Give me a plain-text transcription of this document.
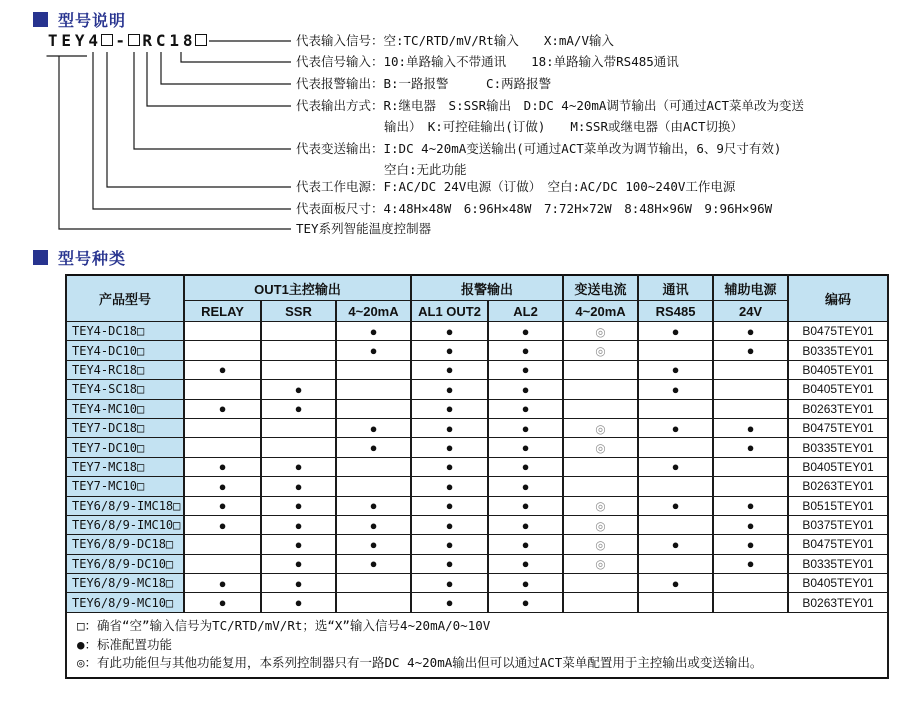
型号说明
T E Y 4 - R C 1 8	代表输入信号：空:TC/RTD/mV/Rt输入　　X:mA/V输入
代表信号输入：10:单路输入不带通讯　　18:单路输入带RS485通讯
代表报警输出：B:一路报警　　　C:两路报警
代表输出方式：R:继电器　S:SSR输出　D:DC 4~20mA调节输出（可通过ACT菜单改为变送
输出）　K:可控硅输出(订做)　　M:SSR或继电器（由ACT切换）
代表变送输出：I:DC 4~20mA变送输出(可通过ACT菜单改为调节输出，6、9尺寸有效)
空白:无此功能
代表工作电源：F:AC/DC 24V电源（订做）　空白:AC/DC 100~240V工作电源
代表面板尺寸：4:48H×48W　6:96H×48W　7:72H×72W　8:48H×96W　9:96H×96W
TEY系列智能温度控制器
型号种类
产品型号	OUT1主控输出			报警输出		变送电流	通讯	辅助电源	编码
	RELAY	SSR	4~20mA	AL1 OUT2	AL2	4~20mA	RS485	24V	
TEY4-DC18□			●	●	●	◎	●	●	B0475TEY01
TEY4-DC10□			●	●	●	◎		●	B0335TEY01
TEY4-RC18□	●			●	●		●		B0405TEY01
TEY4-SC18□		●		●	●		●		B0405TEY01
TEY4-MC10□	●	●		●	●				B0263TEY01
TEY7-DC18□			●	●	●	◎	●	●	B0475TEY01
TEY7-DC10□			●	●	●	◎		●	B0335TEY01
TEY7-MC18□	●	●		●	●		●		B0405TEY01
TEY7-MC10□	●	●		●	●				B0263TEY01
TEY6/8/9-IMC18□	●	●	●	●	●	◎	●	●	B0515TEY01
TEY6/8/9-IMC10□	●	●	●	●	●	◎		●	B0375TEY01
TEY6/8/9-DC18□		●	●	●	●	◎	●	●	B0475TEY01
TEY6/8/9-DC10□		●	●	●	●	◎		●	B0335TEY01
TEY6/8/9-MC18□	●	●		●	●		●		B0405TEY01
TEY6/8/9-MC10□	●	●		●	●				B0263TEY01

□：确省“空”输入信号为TC/RTD/mV/Rt；选“X”输入信号4~20mA/0~10V
●：标准配置功能
◎：有此功能但与其他功能复用，本系列控制器只有一路DC 4~20mA输出但可以通过ACT菜单配置用于主控输出或变送输出。									
